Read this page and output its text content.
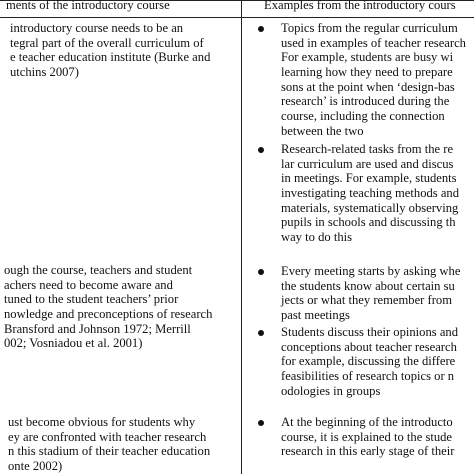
ments of the introductory course	Examples from the introductory cours
introductory course needs to be an
tegral part of the overall curriculum of
e teacher education institute (Burke and
utchins 2007)
Topics from the regular curriculum
used in examples of teacher research
For example, students are busy wi
learning how they need to prepare
sons at the point when ‘design-bas
research’ is introduced during the
course, including the connection
between the two
Research-related tasks from the re
lar curriculum are used and discus
in meetings. For example, students
investigating teaching methods and
materials, systematically observing
pupils in schools and discussing th
way to do this
ough the course, teachers and student
achers need to become aware and
tuned to the student teachers’ prior
nowledge and preconceptions of research
Bransford and Johnson 1972; Merrill
002; Vosniadou et al. 2001)
Every meeting starts by asking whe
the students know about certain su
jects or what they remember from
past meetings
Students discuss their opinions and
conceptions about teacher research
for example, discussing the differe
feasibilities of research topics or n
odologies in groups
ust become obvious for students why
ey are confronted with teacher research
n this stadium of their teacher education
onte 2002)
At the beginning of the introducto
course, it is explained to the stude
research in this early stage of their
